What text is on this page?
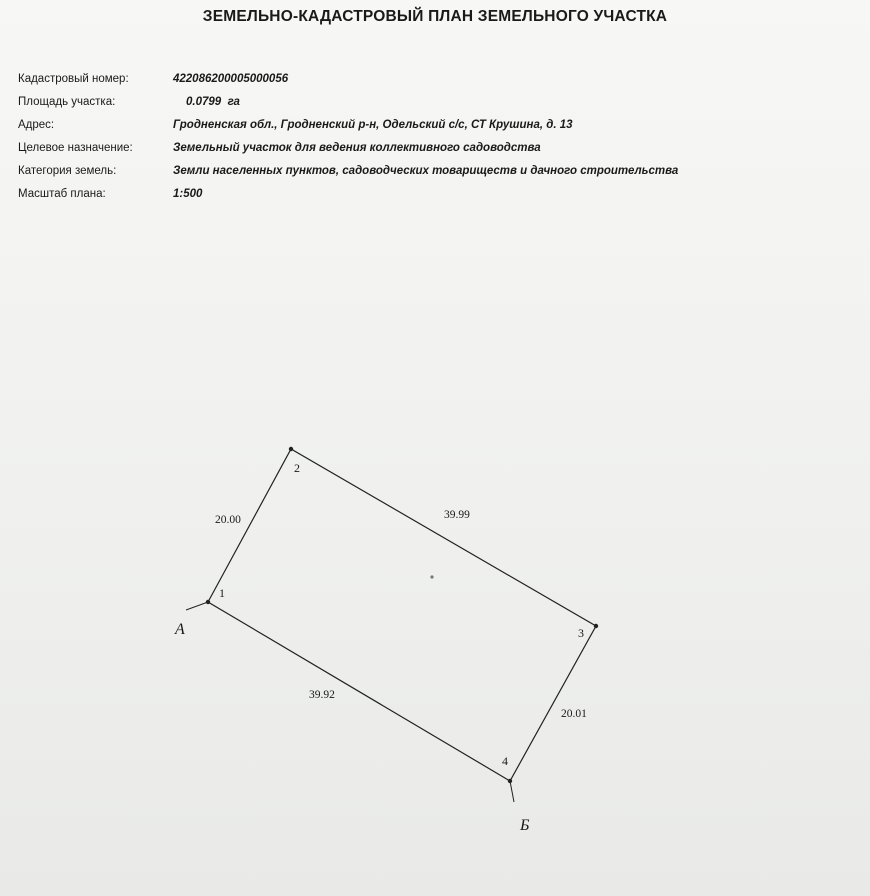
ЗЕМЕЛЬНО-КАДАСТРОВЫЙ ПЛАН ЗЕМЕЛЬНОГО УЧАСТКА
Кадастровый номер:	422086200005000056
Площадь участка:	0.0799  га
Адрес:	Гродненская обл., Гродненский р-н, Одельский с/с, СТ Крушина, д. 13
Целевое назначение:	Земельный участок для ведения коллективного садоводства
Категория земель:	Земли населенных пунктов, садоводческих товариществ и дачного строительства
Масштаб плана:	1:500
1
2
3
4
20.00	39.99
20.01
39.92
А
Б
